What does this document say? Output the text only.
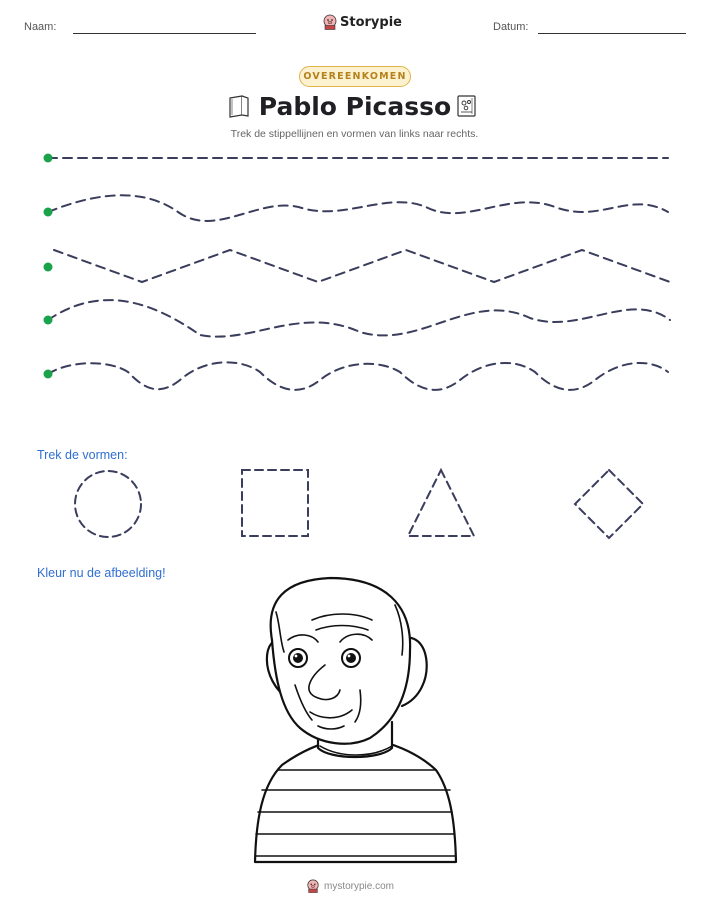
Naam:	Storypie	Datum:
OVEREENKOMEN
Pablo Picasso
Trek de stippellijnen en vormen van links naar rechts.
Trek de vormen:
Kleur nu de afbeelding!
mystorypie.com
